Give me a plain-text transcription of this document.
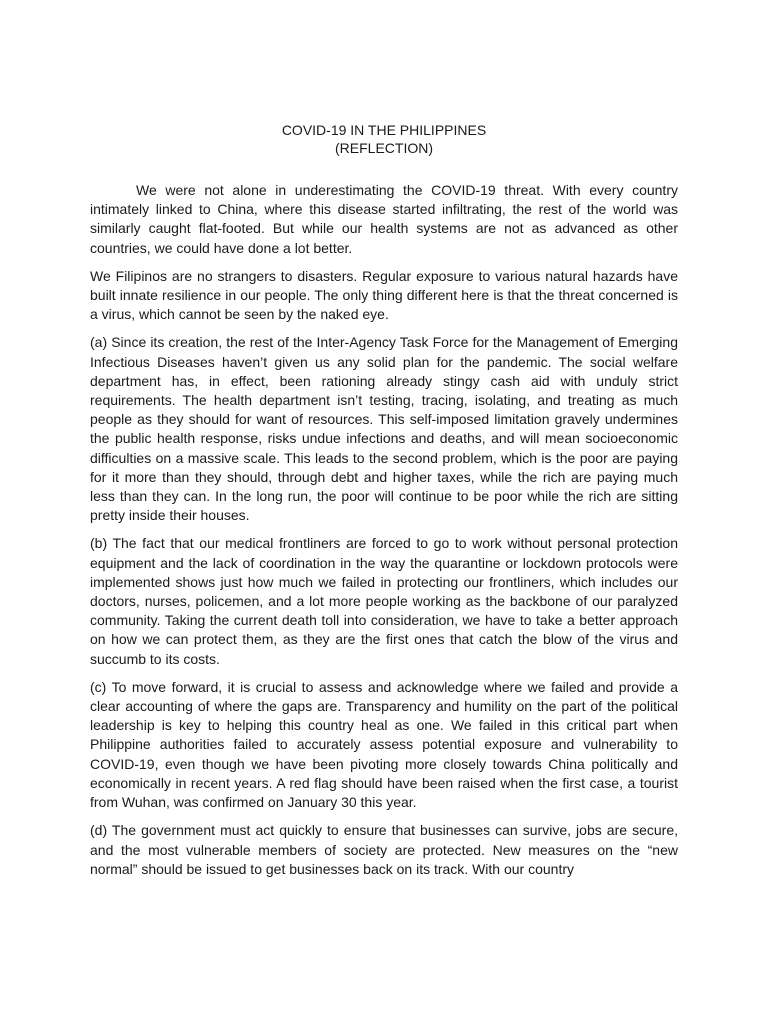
COVID-19 IN THE PHILIPPINES
(REFLECTION)

We were not alone in underestimating the COVID-19 threat. With every country intimately linked to China, where this disease started infiltrating, the rest of the world was similarly caught flat-footed. But while our health systems are not as advanced as other countries, we could have done a lot better.

We Filipinos are no strangers to disasters. Regular exposure to various natural hazards have built innate resilience in our people. The only thing different here is that the threat concerned is a virus, which cannot be seen by the naked eye.

(a) Since its creation, the rest of the Inter-Agency Task Force for the Management of Emerging Infectious Diseases haven’t given us any solid plan for the pandemic. The social welfare department has, in effect, been rationing already stingy cash aid with unduly strict requirements. The health department isn’t testing, tracing, isolating, and treating as much people as they should for want of resources. This self-imposed limitation gravely undermines the public health response, risks undue infections and deaths, and will mean socioeconomic difficulties on a massive scale. This leads to the second problem, which is the poor are paying for it more than they should, through debt and higher taxes, while the rich are paying much less than they can. In the long run, the poor will continue to be poor while the rich are sitting pretty inside their houses.

(b) The fact that our medical frontliners are forced to go to work without personal protection equipment and the lack of coordination in the way the quarantine or lockdown protocols were implemented shows just how much we failed in protecting our frontliners, which includes our doctors, nurses, policemen, and a lot more people working as the backbone of our paralyzed community. Taking the current death toll into consideration, we have to take a better approach on how we can protect them, as they are the first ones that catch the blow of the virus and succumb to its costs.

(c) To move forward, it is crucial to assess and acknowledge where we failed and provide a clear accounting of where the gaps are. Transparency and humility on the part of the political leadership is key to helping this country heal as one. We failed in this critical part when Philippine authorities failed to accurately assess potential exposure and vulnerability to COVID-19, even though we have been pivoting more closely towards China politically and economically in recent years. A red flag should have been raised when the first case, a tourist from Wuhan, was confirmed on January 30 this year.

(d) The government must act quickly to ensure that businesses can survive, jobs are secure, and the most vulnerable members of society are protected. New measures on the “new normal” should be issued to get businesses back on its track. With our country
